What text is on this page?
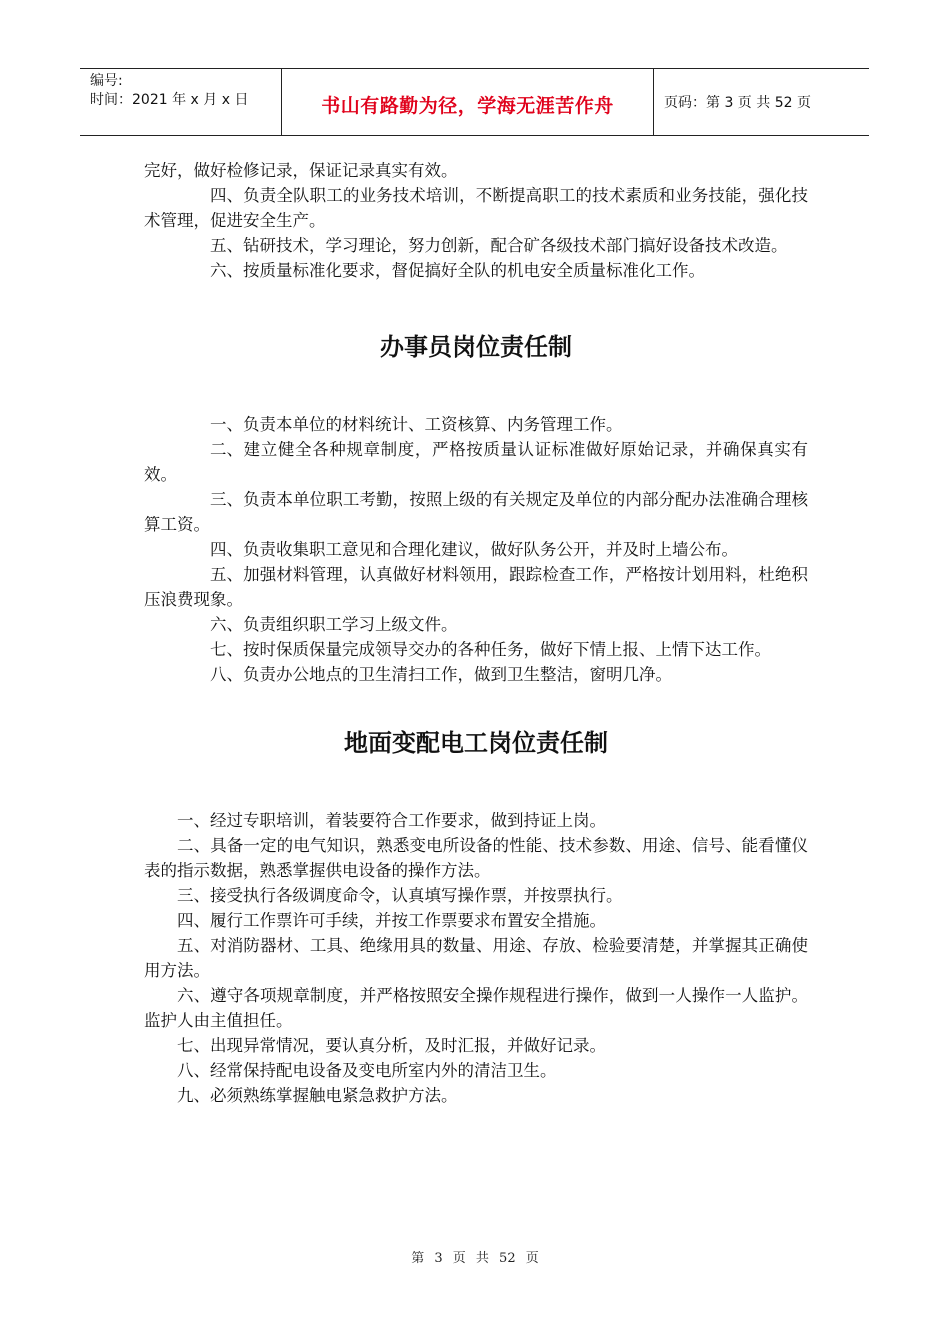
编号:
时间：2021 年 x 月 x 日	书山有路勤为径，学海无涯苦作舟	页码：第 3 页 共 52 页

完好，做好检修记录，保证记录真实有效。

四、负责全队职工的业务技术培训，不断提高职工的技术素质和业务技能，强化技术管理，促进安全生产。

五、钻研技术，学习理论，努力创新，配合矿各级技术部门搞好设备技术改造。

六、按质量标准化要求，督促搞好全队的机电安全质量标准化工作。

办事员岗位责任制

一、负责本单位的材料统计、工资核算、内务管理工作。

二、建立健全各种规章制度，严格按质量认证标准做好原始记录，并确保真实有效。

三、负责本单位职工考勤，按照上级的有关规定及单位的内部分配办法准确合理核算工资。

四、负责收集职工意见和合理化建议，做好队务公开，并及时上墙公布。

五、加强材料管理，认真做好材料领用，跟踪检查工作，严格按计划用料，杜绝积压浪费现象。

六、负责组织职工学习上级文件。

七、按时保质保量完成领导交办的各种任务，做好下情上报、上情下达工作。

八、负责办公地点的卫生清扫工作，做到卫生整洁，窗明几净。

地面变配电工岗位责任制

一、经过专职培训，着装要符合工作要求，做到持证上岗。

二、具备一定的电气知识，熟悉变电所设备的性能、技术参数、用途、信号、能看懂仪表的指示数据，熟悉掌握供电设备的操作方法。

三、接受执行各级调度命令，认真填写操作票，并按票执行。

四、履行工作票许可手续，并按工作票要求布置安全措施。

五、对消防器材、工具、绝缘用具的数量、用途、存放、检验要清楚，并掌握其正确使用方法。

六、遵守各项规章制度，并严格按照安全操作规程进行操作，做到一人操作一人监护。监护人由主值担任。

七、出现异常情况，要认真分析，及时汇报，并做好记录。

八、经常保持配电设备及变电所室内外的清洁卫生。

九、必须熟练掌握触电紧急救护方法。

第 3 页 共 52 页
